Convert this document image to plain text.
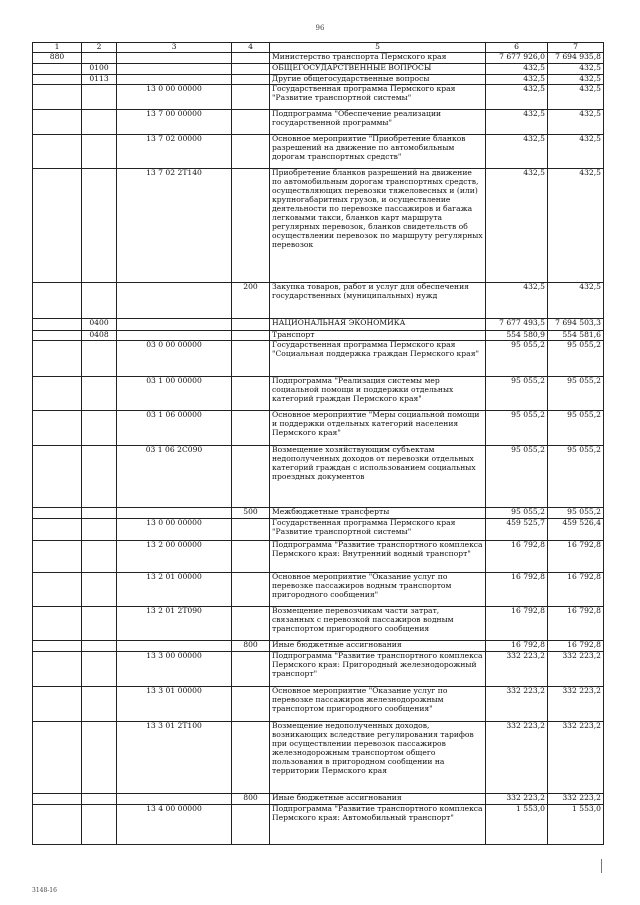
96
1	2	3	4	5	6	7
880				Министерство транспорта Пермского края	7 677 926,0	7 694 935,8
	0100			ОБЩЕГОСУДАРСТВЕННЫЕ ВОПРОСЫ	432,5	432,5
	0113			Другие общегосударственные вопросы	432,5	432,5
		13 0 00 00000		Государственная программа Пермского края "Развитие транспортной системы"	432,5	432,5
		13 7 00 00000		Подпрограмма "Обеспечение реализации государственной программы"	432,5	432,5
		13 7 02 00000		Основное мероприятие "Приобретение бланков разрешений на движение по автомобильным дорогам транспортных средств"	432,5	432,5
		13 7 02 2T140		Приобретение бланков разрешений на движение по автомобильным дорогам транспортных средств, осуществляющих перевозки тяжеловесных и (или) крупногабаритных грузов, и осуществление деятельности по перевозке пассажиров и багажа легковыми такси, бланков карт маршрута регулярных перевозок, бланков свидетельств об осуществлении перевозок по маршруту регулярных перевозок	432,5	432,5
			200	Закупка товаров, работ и услуг для обеспечения государственных (муниципальных) нужд	432,5	432,5
	0400			НАЦИОНАЛЬНАЯ ЭКОНОМИКА	7 677 493,5	7 694 503,3
	0408			Транспорт	554 580,9	554 581,6
		03 0 00 00000		Государственная программа Пермского края "Социальная поддержка граждан Пермского края"	95 055,2	95 055,2
		03 1 00 00000		Подпрограмма "Реализация системы мер социальной помощи и поддержки отдельных категорий граждан Пермского края"	95 055,2	95 055,2
		03 1 06 00000		Основное мероприятие "Меры социальной помощи и поддержки отдельных категорий населения Пермского края"	95 055,2	95 055,2
		03 1 06 2C090		Возмещение хозяйствующим субъектам недополученных доходов от перевозки отдельных категорий граждан с использованием социальных проездных документов	95 055,2	95 055,2
			500	Межбюджетные трансферты	95 055,2	95 055,2
		13 0 00 00000		Государственная программа Пермского края "Развитие транспортной системы"	459 525,7	459 526,4
		13 2 00 00000		Подпрограмма "Развитие транспортного комплекса Пермского края: Внутренний водный транспорт"	16 792,8	16 792,8
		13 2 01 00000		Основное мероприятие "Оказание услуг по перевозке пассажиров водным транспортом пригородного сообщения"	16 792,8	16 792,8
		13 2 01 2T090		Возмещение перевозчикам части затрат, связанных с перевозкой пассажиров водным транспортом пригородного сообщения	16 792,8	16 792,8
			800	Иные бюджетные ассигнования	16 792,8	16 792,8
		13 3 00 00000		Подпрограмма "Развитие транспортного комплекса Пермского края: Пригородный железнодорожный транспорт"	332 223,2	332 223,2
		13 3 01 00000		Основное мероприятие "Оказание услуг по перевозке пассажиров железнодорожным транспортом пригородного сообщения"	332 223,2	332 223,2
		13 3 01 2T100		Возмещение недополученных доходов, возникающих вследствие регулирования тарифов при осуществлении перевозок пассажиров железнодорожным транспортом общего пользования в пригородном сообщении на территории Пермского края	332 223,2	332 223,2
			800	Иные бюджетные ассигнования	332 223,2	332 223,2
		13 4 00 00000		Подпрограмма "Развитие транспортного комплекса Пермского края: Автомобильный транспорт"	1 553,0	1 553,0
3148-16
